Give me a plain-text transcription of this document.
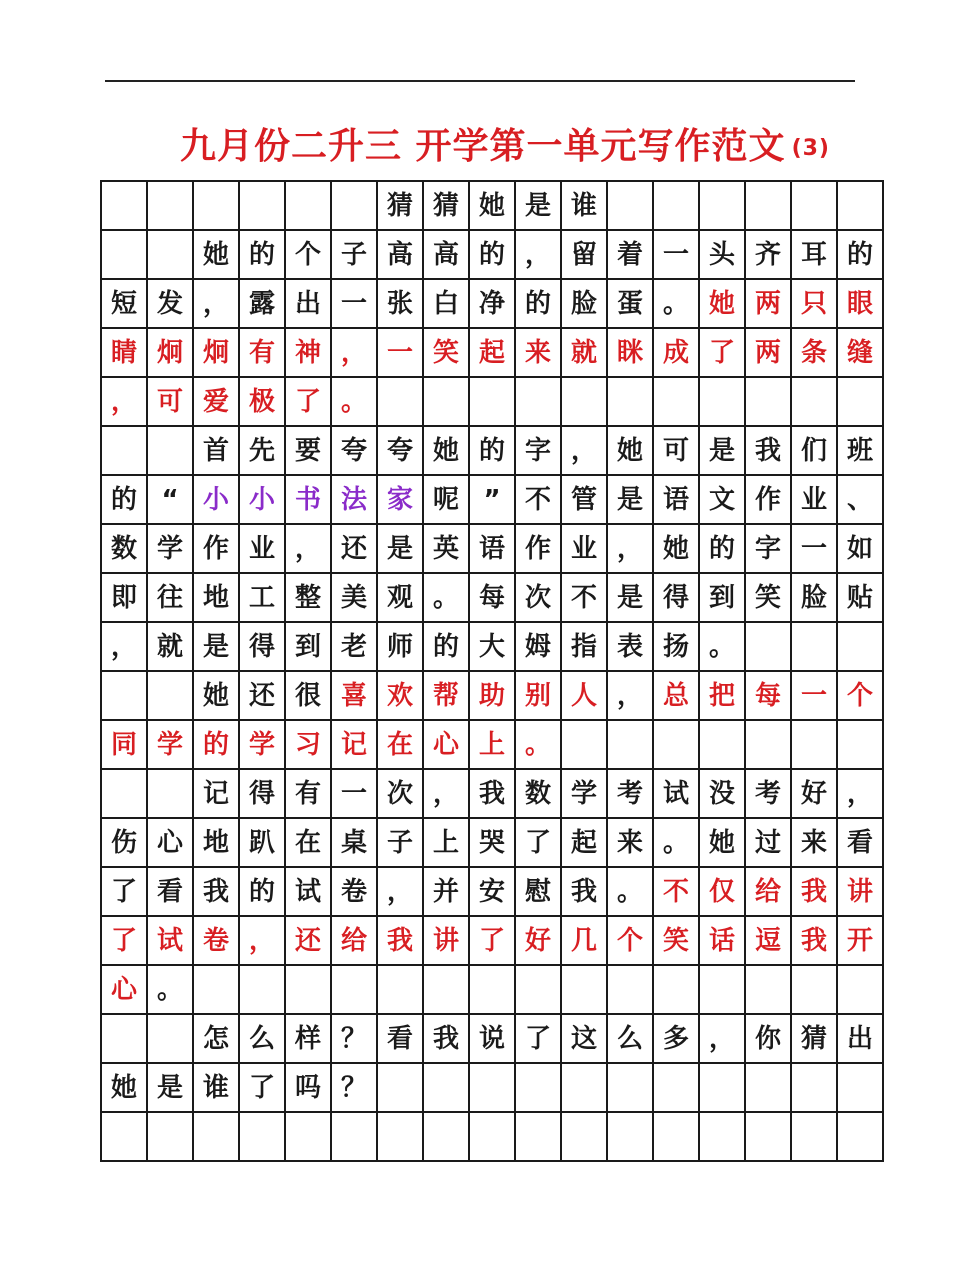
九月份二升三 开学第一单元写作范文 (3)
						猜	猜	她	是	谁						
		她	的	个	子	高	高	的	，	留	着	一	头	齐	耳	的
短	发	，	露	出	一	张	白	净	的	脸	蛋	。	她	两	只	眼
睛	炯	炯	有	神	，	一	笑	起	来	就	眯	成	了	两	条	缝
，	可	爱	极	了	。											
		首	先	要	夸	夸	她	的	字	，	她	可	是	我	们	班
的	“	小	小	书	法	家	呢	”	不	管	是	语	文	作	业	、
数	学	作	业	，	还	是	英	语	作	业	，	她	的	字	一	如
即	往	地	工	整	美	观	。	每	次	不	是	得	到	笑	脸	贴
，	就	是	得	到	老	师	的	大	姆	指	表	扬	。			
		她	还	很	喜	欢	帮	助	别	人	，	总	把	每	一	个
同	学	的	学	习	记	在	心	上	。							
		记	得	有	一	次	，	我	数	学	考	试	没	考	好	，
伤	心	地	趴	在	桌	子	上	哭	了	起	来	。	她	过	来	看
了	看	我	的	试	卷	，	并	安	慰	我	。	不	仅	给	我	讲
了	试	卷	，	还	给	我	讲	了	好	几	个	笑	话	逗	我	开
心	。															
		怎	么	样	？	看	我	说	了	这	么	多	，	你	猜	出
她	是	谁	了	吗	？											
